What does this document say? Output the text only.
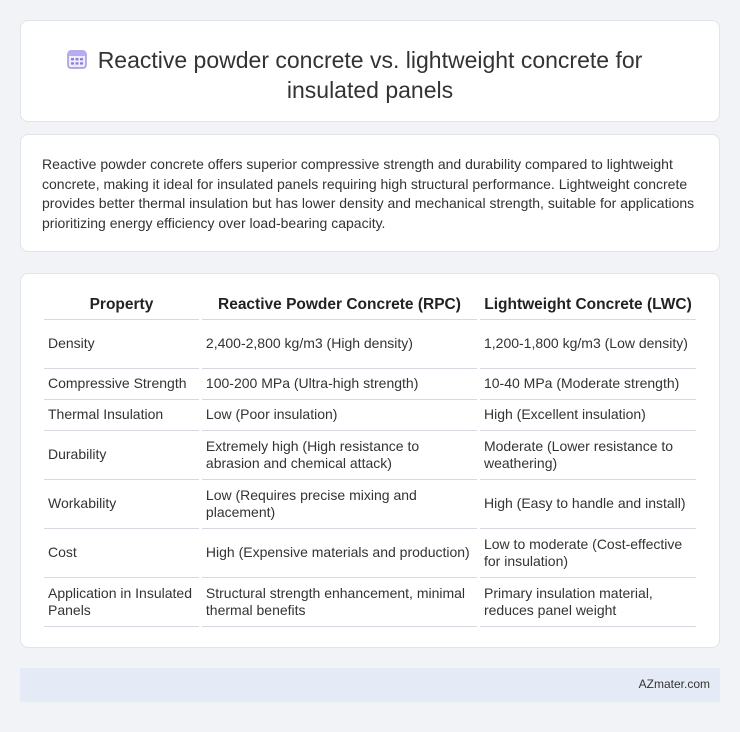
Reactive powder concrete vs. lightweight concrete for insulated panels

Reactive powder concrete offers superior compressive strength and durability compared to lightweight concrete, making it ideal for insulated panels requiring high structural performance. Lightweight concrete provides better thermal insulation but has lower density and mechanical strength, suitable for applications prioritizing energy efficiency over load-bearing capacity.

Property	Reactive Powder Concrete (RPC)	Lightweight Concrete (LWC)
Density	2,400-2,800 kg/m3 (High density)	1,200-1,800 kg/m3 (Low density)
Compressive Strength	100-200 MPa (Ultra-high strength)	10-40 MPa (Moderate strength)
Thermal Insulation	Low (Poor insulation)	High (Excellent insulation)
Durability	Extremely high (High resistance to abrasion and chemical attack)	Moderate (Lower resistance to weathering)
Workability	Low (Requires precise mixing and placement)	High (Easy to handle and install)
Cost	High (Expensive materials and production)	Low to moderate (Cost-effective for insulation)
Application in Insulated Panels	Structural strength enhancement, minimal thermal benefits	Primary insulation material, reduces panel weight
AZmater.com
